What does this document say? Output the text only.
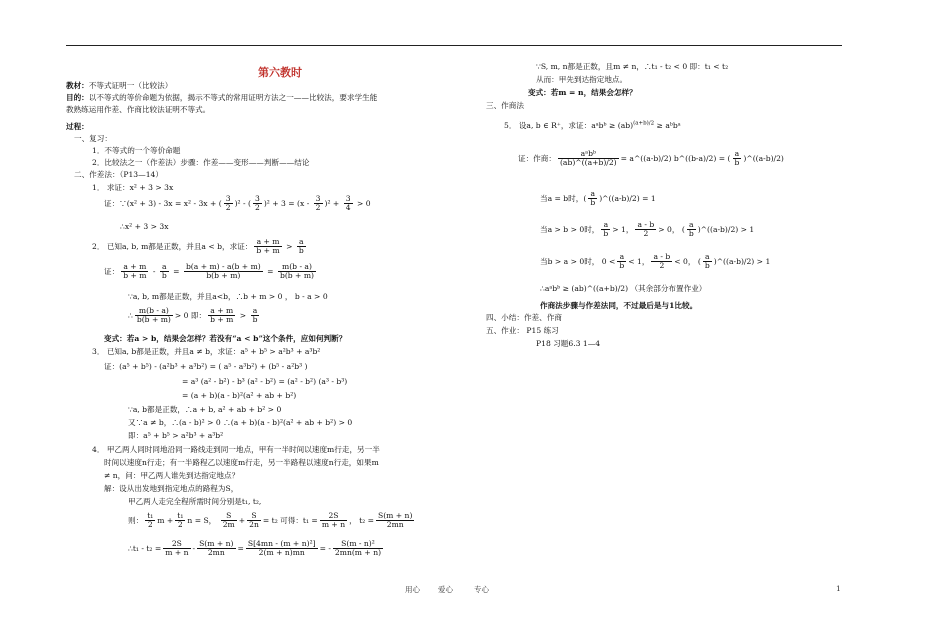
第六教时
教材：不等式证明一（比较法）
目的：以不等式的等价命题为依据，揭示不等式的常用证明方法之一——比较法，要求学生能
教熟练运用作差、作商比较法证明不等式。
过程：
一、复习：
1．不等式的一个等价命题
2．比较法之一（作差法）步骤：作差——变形——判断——结论
二、作差法：（P13—14）
1． 求证：x² + 3 > 3x
证：∵(x² + 3) - 3x = x² - 3x + ( $\frac{3}{2} )^2$ - ( $\frac{3}{2} )^2 + 3 = (x - \frac{3}{2} )^2 + \frac{3}{4} > 0$
∴x² + 3 > 3x
2． 已知a, b, m都是正数，并且a < b，求证： $\frac{a + m}{b + m} > \frac{a}{b}$
证： $\frac{a + m}{b + m} - \frac{a}{b} = \frac{b(a + m) - a(b + m)}{b(b + m)} = \frac{m(b - a)}{b(b + m)}$
∵a, b, m都是正数，并且a<b，∴b + m > 0 ， b - a > 0
∴ $\frac{m(b - a)}{b(b + m)} > 0$ 即： $\frac{a + m}{b + m} > \frac{a}{b}$
变式：若a > b，结果会怎样？若没有“a < b”这个条件，应如何判断？
3． 已知a, b都是正数，并且a ≠ b，求证：a⁵ + b⁵ > a²b³ + a³b²
证：(a⁵ + b⁵) - (a²b³ + a³b²) = ( a⁵ - a³b²) + (b⁵ - a²b³ )
= a³ (a² - b²) - b³ (a² - b²) = (a² - b²) (a³ - b³)
= (a + b)(a - b)²(a² + ab + b²)
∵a, b都是正数，∴a + b, a² + ab + b² > 0
又∵a ≠ b，∴(a - b)² > 0 ∴(a + b)(a - b)²(a² + ab + b²) > 0
即：a⁵ + b⁵ > a²b³ + a³b²
4． 甲乙两人同时同地沿同一路线走到同一地点，甲有一半时间以速度m行走，另一半
时间以速度n行走；有一半路程乙以速度m行走，另一半路程以速度n行走，如果m
≠ n，问：甲乙两人谁先到达指定地点？
解：设从出发地到指定地点的路程为S，
甲乙两人走完全程所需时间分别是t₁, t₂,
则： $\frac{\text{t₁}}{2}$ $m + \frac{\text{t₁}}{2}$ n = S， $\frac{S}{2m} + \frac{S}{2n} = t_2$ 可得：$t_1 = \frac{2S}{m + n}$ ， $t_2 = \frac{S(m + n)}{2mn}$
∴t₁ - $t_2 = \frac{2S}{m + n} - \frac{S(m + n)}{2mn} = \frac{\text{S[4mn - (m + n)²]}}{2(m + n)mn}$ = - $\frac{\text{S(m - n)²}}{2mn(m + n)}$
∵S, m, n都是正数，且m ≠ n，∴t₁ - t₂ < 0 即：t₁ < t₂
从而：甲先到达指定地点。
变式：若m = n，结果会怎样？
三、作商法
5． 设a, b ∈ R⁺，求证：aᵃbᵇ ≥ (ab)$^{(a+b)/2}$ ≥ aᵇbᵃ
证：作商： $\frac{\text{aᵃbᵇ}}{(ab)\^{}((a+b)/2)}$ = a^((a-b)/2) b^((b-a)/2) = ( $\frac{a}{b}$ )^((a-b)/2)
当a = b时，( $\frac{a}{b}$ )^((a-b)/2) = 1
当a > b > 0时， $\frac{a}{b} > 1$， $\frac{a - b}{2} > 0$， ( $\frac{a}{b}$ )^((a-b)/2) > 1
当b > a > 0时， $0 < \frac{a}{b} < 1$， $\frac{a - b}{2} < 0$， ( $\frac{a}{b}$ )^((a-b)/2) > 1
∴aᵃbᵇ ≥ (ab)^((a+b)/2) （其余部分布置作业）
作商法步骤与作差法同，不过最后是与1比较。
四、小结：作差、作商
五、作业： P15 练习
P18 习题6.3 1—4
用心 爱心	专心	1
